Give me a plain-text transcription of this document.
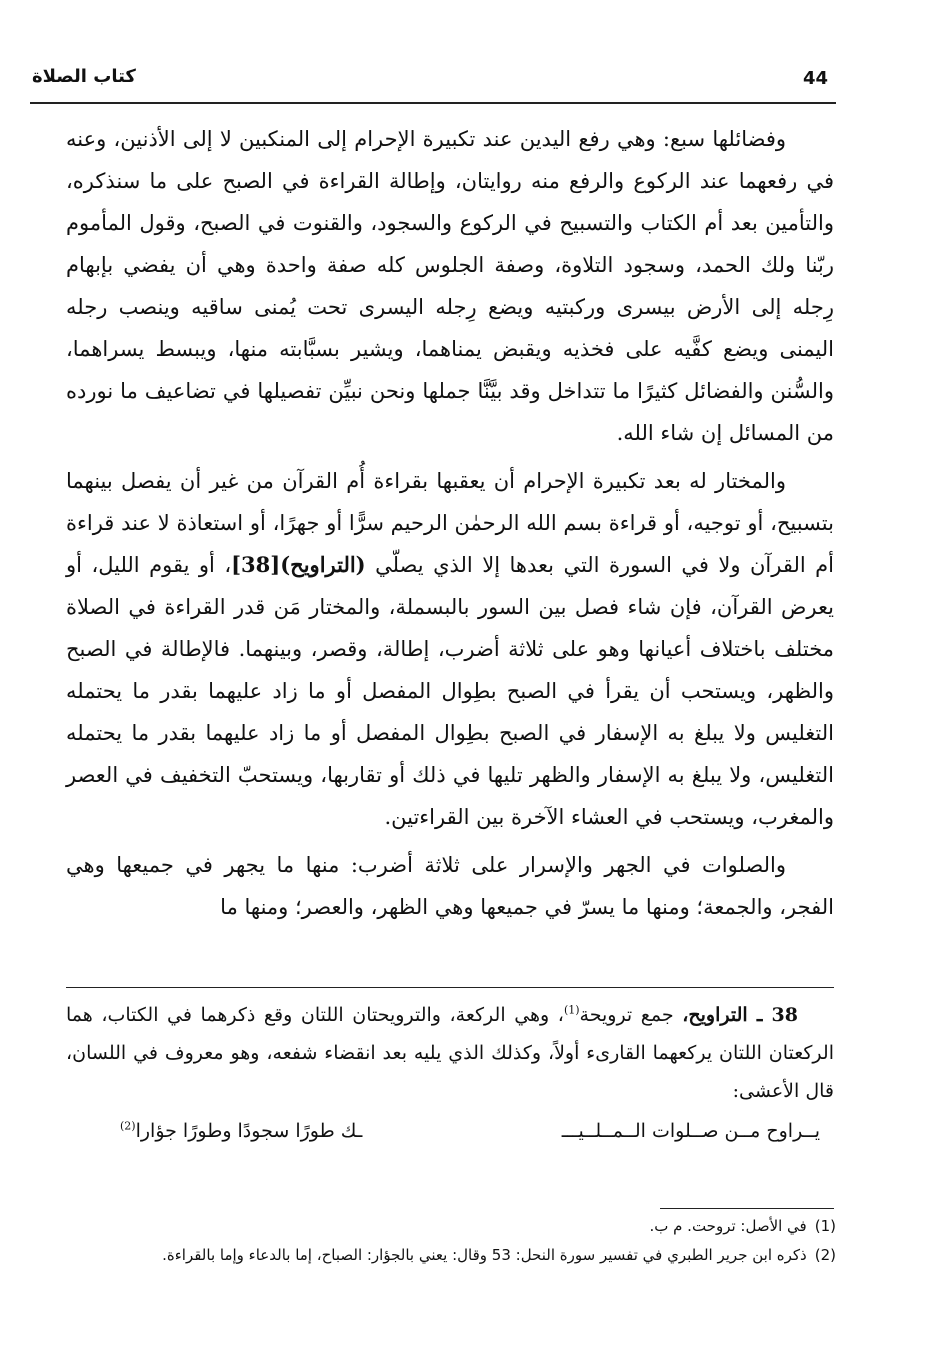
44
كتاب الصلاة

وفضائلها سبع: وهي رفع اليدين عند تكبيرة الإحرام إلى المنكبين لا إلى الأذنين، وعنه في رفعهما عند الركوع والرفع منه روايتان، وإطالة القراءة في الصبح على ما سنذكره، والتأمين بعد أم الكتاب والتسبيح في الركوع والسجود، والقنوت في الصبح، وقول المأموم ربّنا ولك الحمد، وسجود التلاوة، وصفة الجلوس كله صفة واحدة وهي أن يفضي بإبهام رِجله إلى الأرض بيسرى وركبتيه ويضع رِجله اليسرى تحت يُمنى ساقيه وينصب رجله اليمنى ويضع كفَّيه على فخذيه ويقبض يمناهما، ويشير بسبَّابته منها، ويبسط يسراهما، والسُّنن والفضائل كثيرًا ما تتداخل وقد بيَّنَّا جملها ونحن نبيِّن تفصيلها في تضاعيف ما نورده من المسائل إن شاء الله.

والمختار له بعد تكبيرة الإحرام أن يعقبها بقراءة أُم القرآن من غير أن يفصل بينهما بتسبيح، أو توجيه، أو قراءة بسم الله الرحمٰن الرحيم سرًّا أو جهرًا، أو استعاذة لا عند قراءة أم القرآن ولا في السورة التي بعدها إلا الذي يصلّي (التراويح)[38]، أو يقوم الليل، أو يعرض القرآن، فإن شاء فصل بين السور بالبسملة، والمختار مَن قدر القراءة في الصلاة مختلف باختلاف أعيانها وهو على ثلاثة أضرب، إطالة، وقصر، وبينهما. فالإطالة في الصبح والظهر، ويستحب أن يقرأ في الصبح بطِوال المفصل أو ما زاد عليهما بقدر ما يحتمله التغليس ولا يبلغ به الإسفار في الصبح بطِوال المفصل أو ما زاد عليهما بقدر ما يحتمله التغليس، ولا يبلغ به الإسفار والظهر تليها في ذلك أو تقاربها، ويستحبّ التخفيف في العصر والمغرب، ويستحب في العشاء الآخرة بين القراءتين.

والصلوات في الجهر والإسرار على ثلاثة أضرب: منها ما يجهر في جميعها وهي الفجر، والجمعة؛ ومنها ما يسرّ في جميعها وهي الظهر، والعصر؛ ومنها ما

38 ـ التراويح، جمع ترويحة$^{(1)}$، وهي الركعة، والترويحتان اللتان وقع ذكرهما في الكتاب، هما الركعتان اللتان يركعهما القارىء أولاً، وكذلك الذي يليه بعد انقضاء شفعه، وهو معروف في اللسان، قال الأعشى:

يــراوح مــن صــلوات الــمــلــيـــ
ـك طورًا سجودًا وطورًا جؤارا$^{(2)}$

(1)في الأصل: تروحت. م ب.

(2)ذكره ابن جرير الطبري في تفسير سورة النحل: 53 وقال: يعني بالجؤار: الصباح، إما بالدعاء وإما بالقراءة.
